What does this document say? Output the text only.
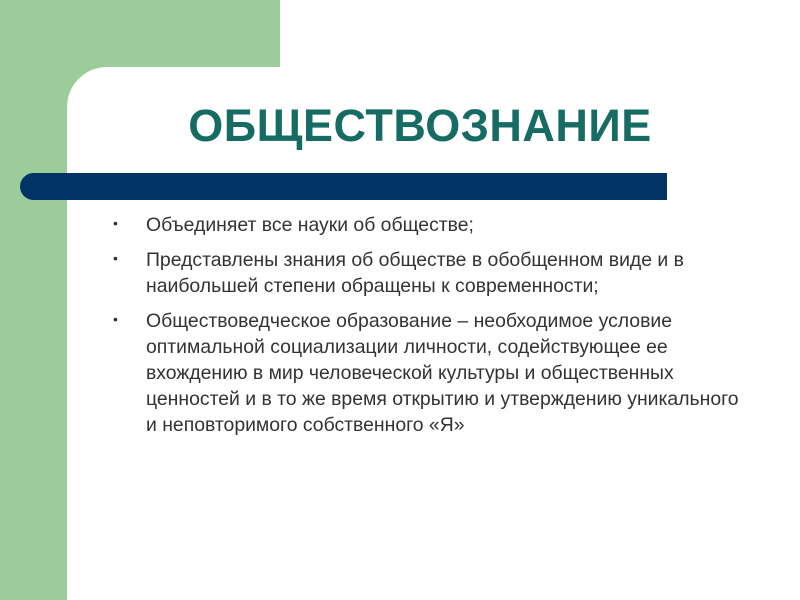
ОБЩЕСТВОЗНАНИЕ
• Объединяет все науки об обществе;
• Представлены знания об обществе в обобщенном виде и в наибольшей степени обращены к современности;
• Обществоведческое образование – необходимое условие оптимальной социализации личности, содействующее ее вхождению в мир человеческой культуры и общественных ценностей и в то же время открытию и утверждению уникального и неповторимого собственного «Я»
